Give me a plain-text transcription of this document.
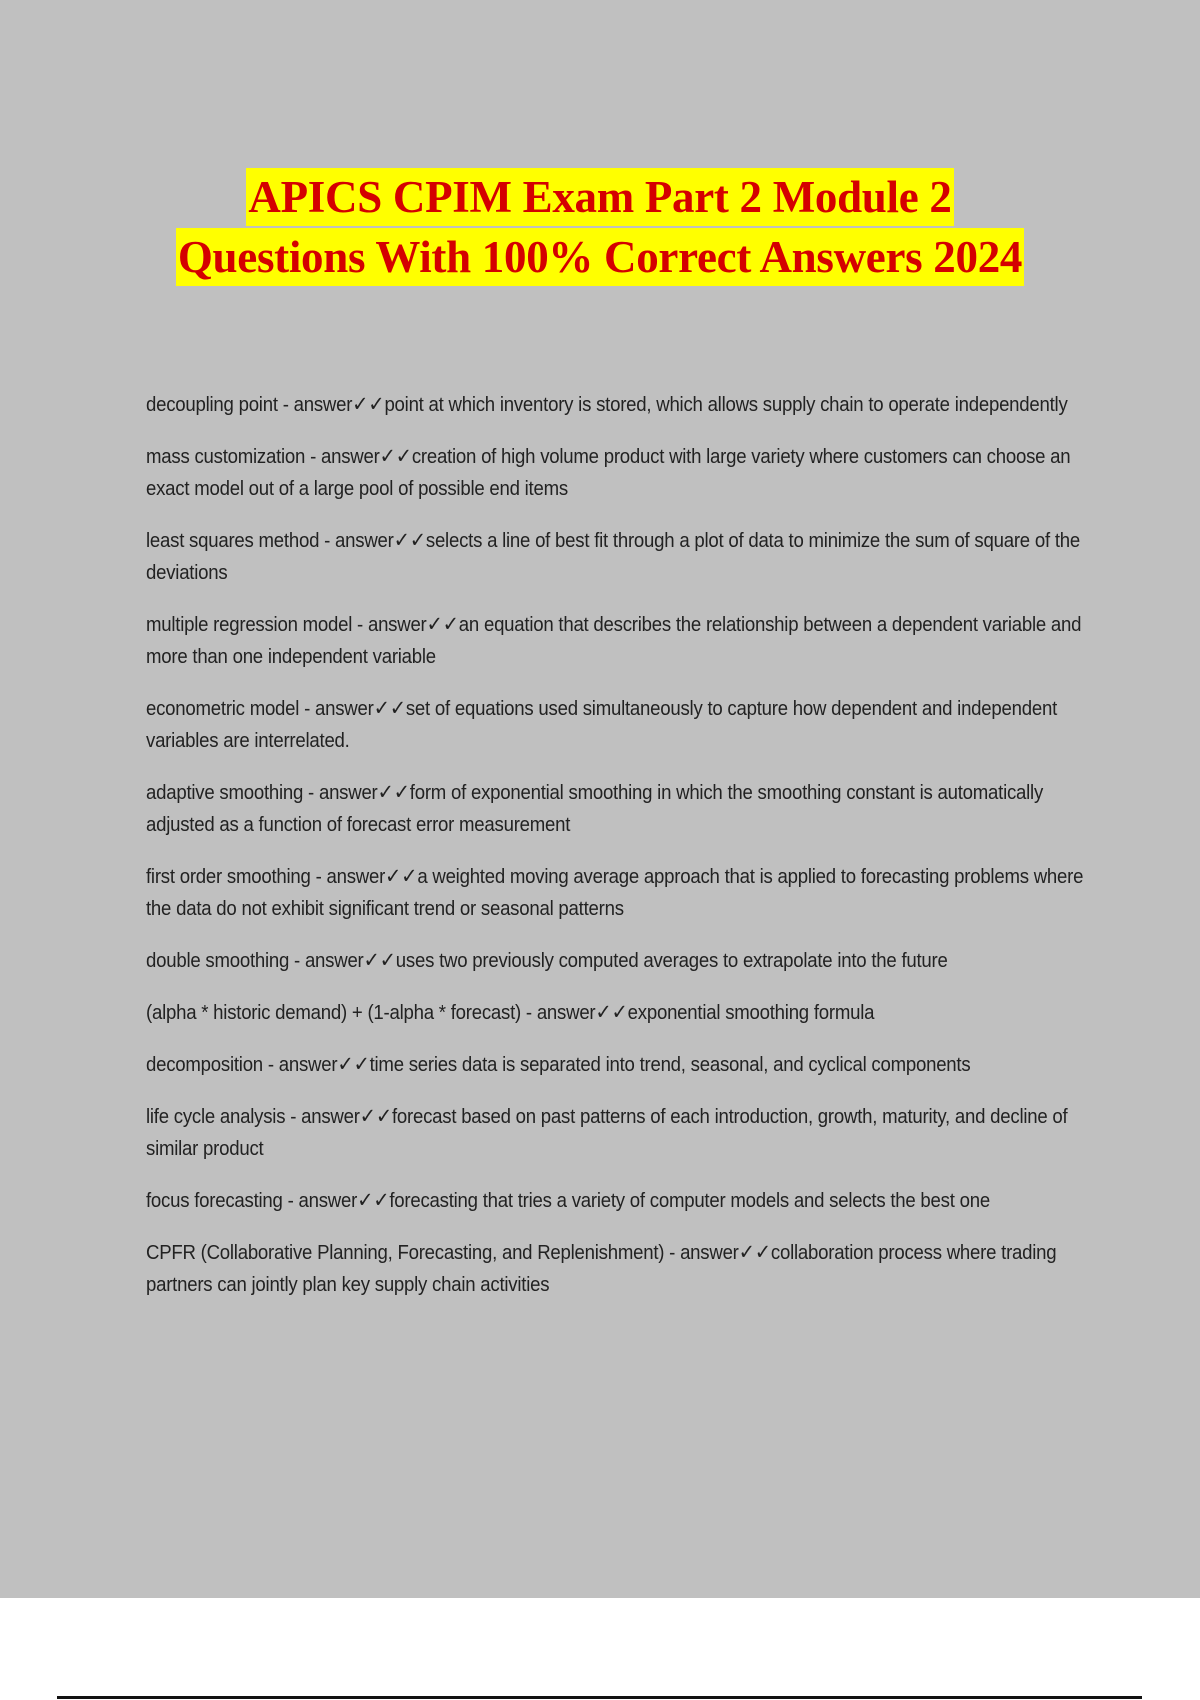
APICS CPIM Exam Part 2 Module 2
Questions With 100% Correct Answers 2024

decoupling point - answer✓✓point at which inventory is stored, which allows supply chain to operate independently

mass customization - answer✓✓creation of high volume product with large variety where customers can choose an exact model out of a large pool of possible end items

least squares method - answer✓✓selects a line of best fit through a plot of data to minimize the sum of square of the deviations

multiple regression model - answer✓✓an equation that describes the relationship between a dependent variable and more than one independent variable

econometric model - answer✓✓set of equations used simultaneously to capture how dependent and independent variables are interrelated.

adaptive smoothing - answer✓✓form of exponential smoothing in which the smoothing constant is automatically adjusted as a function of forecast error measurement

first order smoothing - answer✓✓a weighted moving average approach that is applied to forecasting problems where the data do not exhibit significant trend or seasonal patterns

double smoothing - answer✓✓uses two previously computed averages to extrapolate into the future

(alpha * historic demand) + (1-alpha * forecast) - answer✓✓exponential smoothing formula

decomposition - answer✓✓time series data is separated into trend, seasonal, and cyclical components

life cycle analysis - answer✓✓forecast based on past patterns of each introduction, growth, maturity, and decline of similar product

focus forecasting - answer✓✓forecasting that tries a variety of computer models and selects the best one

CPFR (Collaborative Planning, Forecasting, and Replenishment) - answer✓✓collaboration process where trading partners can jointly plan key supply chain activities
